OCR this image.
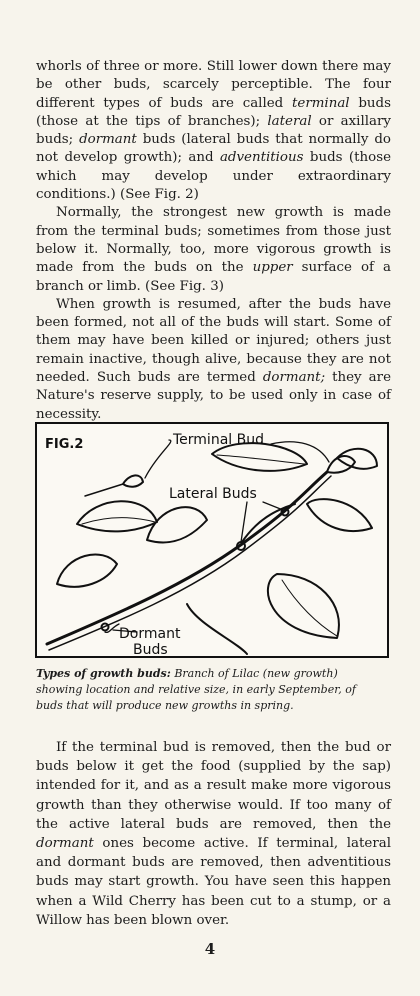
whorls of three or more. Still lower down there may be other buds, scarcely perceptible. The four different types of buds are called terminal buds (those at the tips of branches); lateral or axillary buds; dormant buds (lateral buds that normally do not develop growth); and adventitious buds (those which may develop under extraordinary conditions.) (See Fig. 2)

Normally, the strongest new growth is made from the terminal buds; sometimes from those just below it. Normally, too, more vigorous growth is made from the buds on the upper surface of a branch or limb. (See Fig. 3)

When growth is resumed, after the buds have been formed, not all of the buds will start. Some of them may have been killed or injured; others just remain inactive, though alive, because they are not needed. Such buds are termed dormant; they are Nature's reserve supply, to be used only in case of necessity.

FIG.2	Terminal Bud
Lateral Buds
Dormant
Buds
Types of growth buds: Branch of Lilac (new growth) showing location and relative size, in early September, of buds that will produce new growths in spring.

If the terminal bud is removed, then the bud or buds below it get the food (supplied by the sap) intended for it, and as a result make more vigorous growth than they otherwise would. If too many of the active lateral buds are removed, then the dormant ones become active. If terminal, lateral and dormant buds are removed, then adventitious buds may start growth. You have seen this happen when a Wild Cherry has been cut to a stump, or a Willow has been blown over.

4
